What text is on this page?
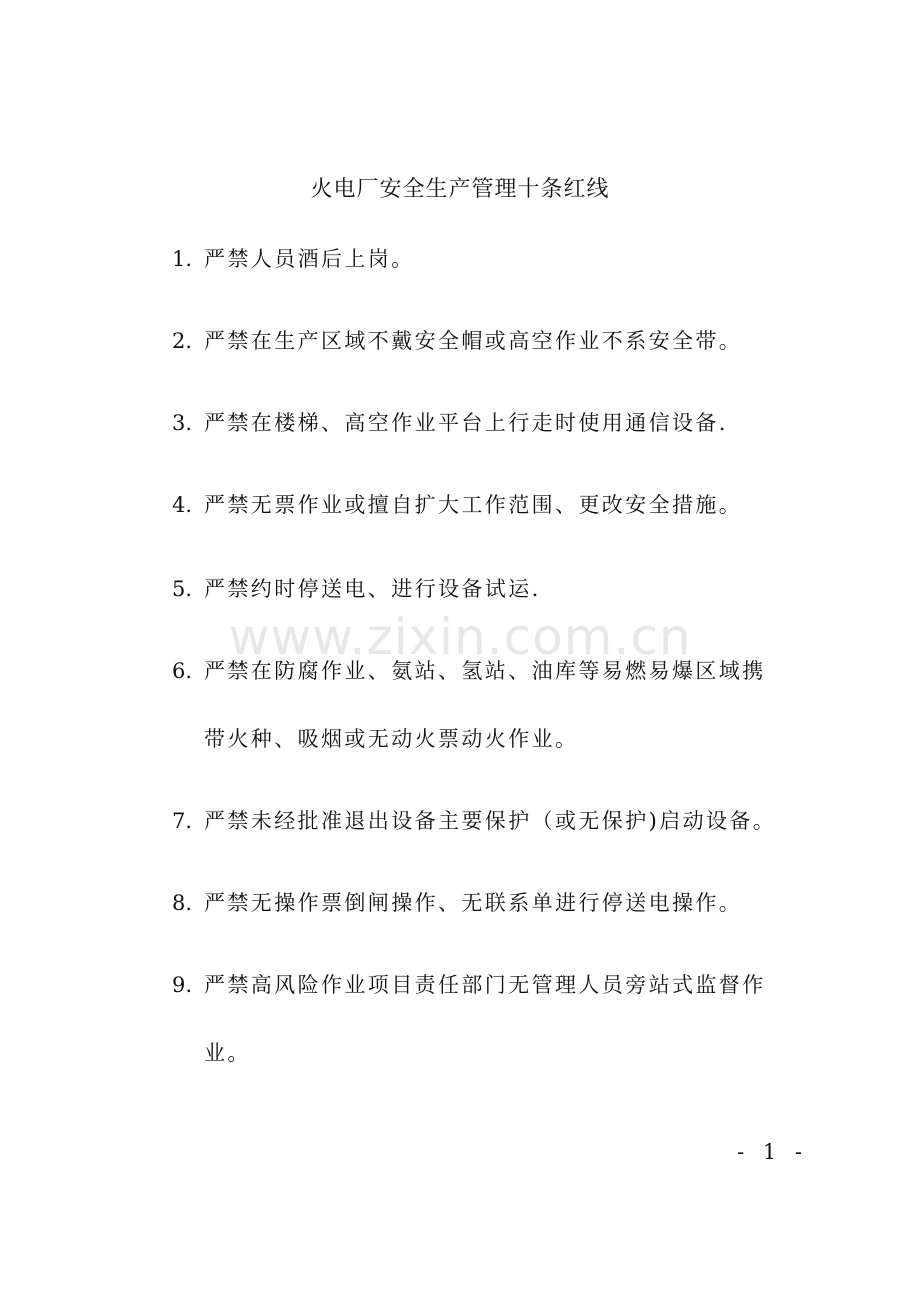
火电厂安全生产管理十条红线
1. 严禁人员酒后上岗。
2. 严禁在生产区域不戴安全帽或高空作业不系安全带。
3. 严禁在楼梯、高空作业平台上行走时使用通信设备.
4. 严禁无票作业或擅自扩大工作范围、更改安全措施。
5. 严禁约时停送电、进行设备试运.
www.zixin.com.cn
6. 严禁在防腐作业、氨站、氢站、油库等易燃易爆区域携
带火种、吸烟或无动火票动火作业。
7. 严禁未经批准退出设备主要保护（或无保护)启动设备。
8. 严禁无操作票倒闸操作、无联系单进行停送电操作。
9. 严禁高风险作业项目责任部门无管理人员旁站式监督作
业。
- 1 -
